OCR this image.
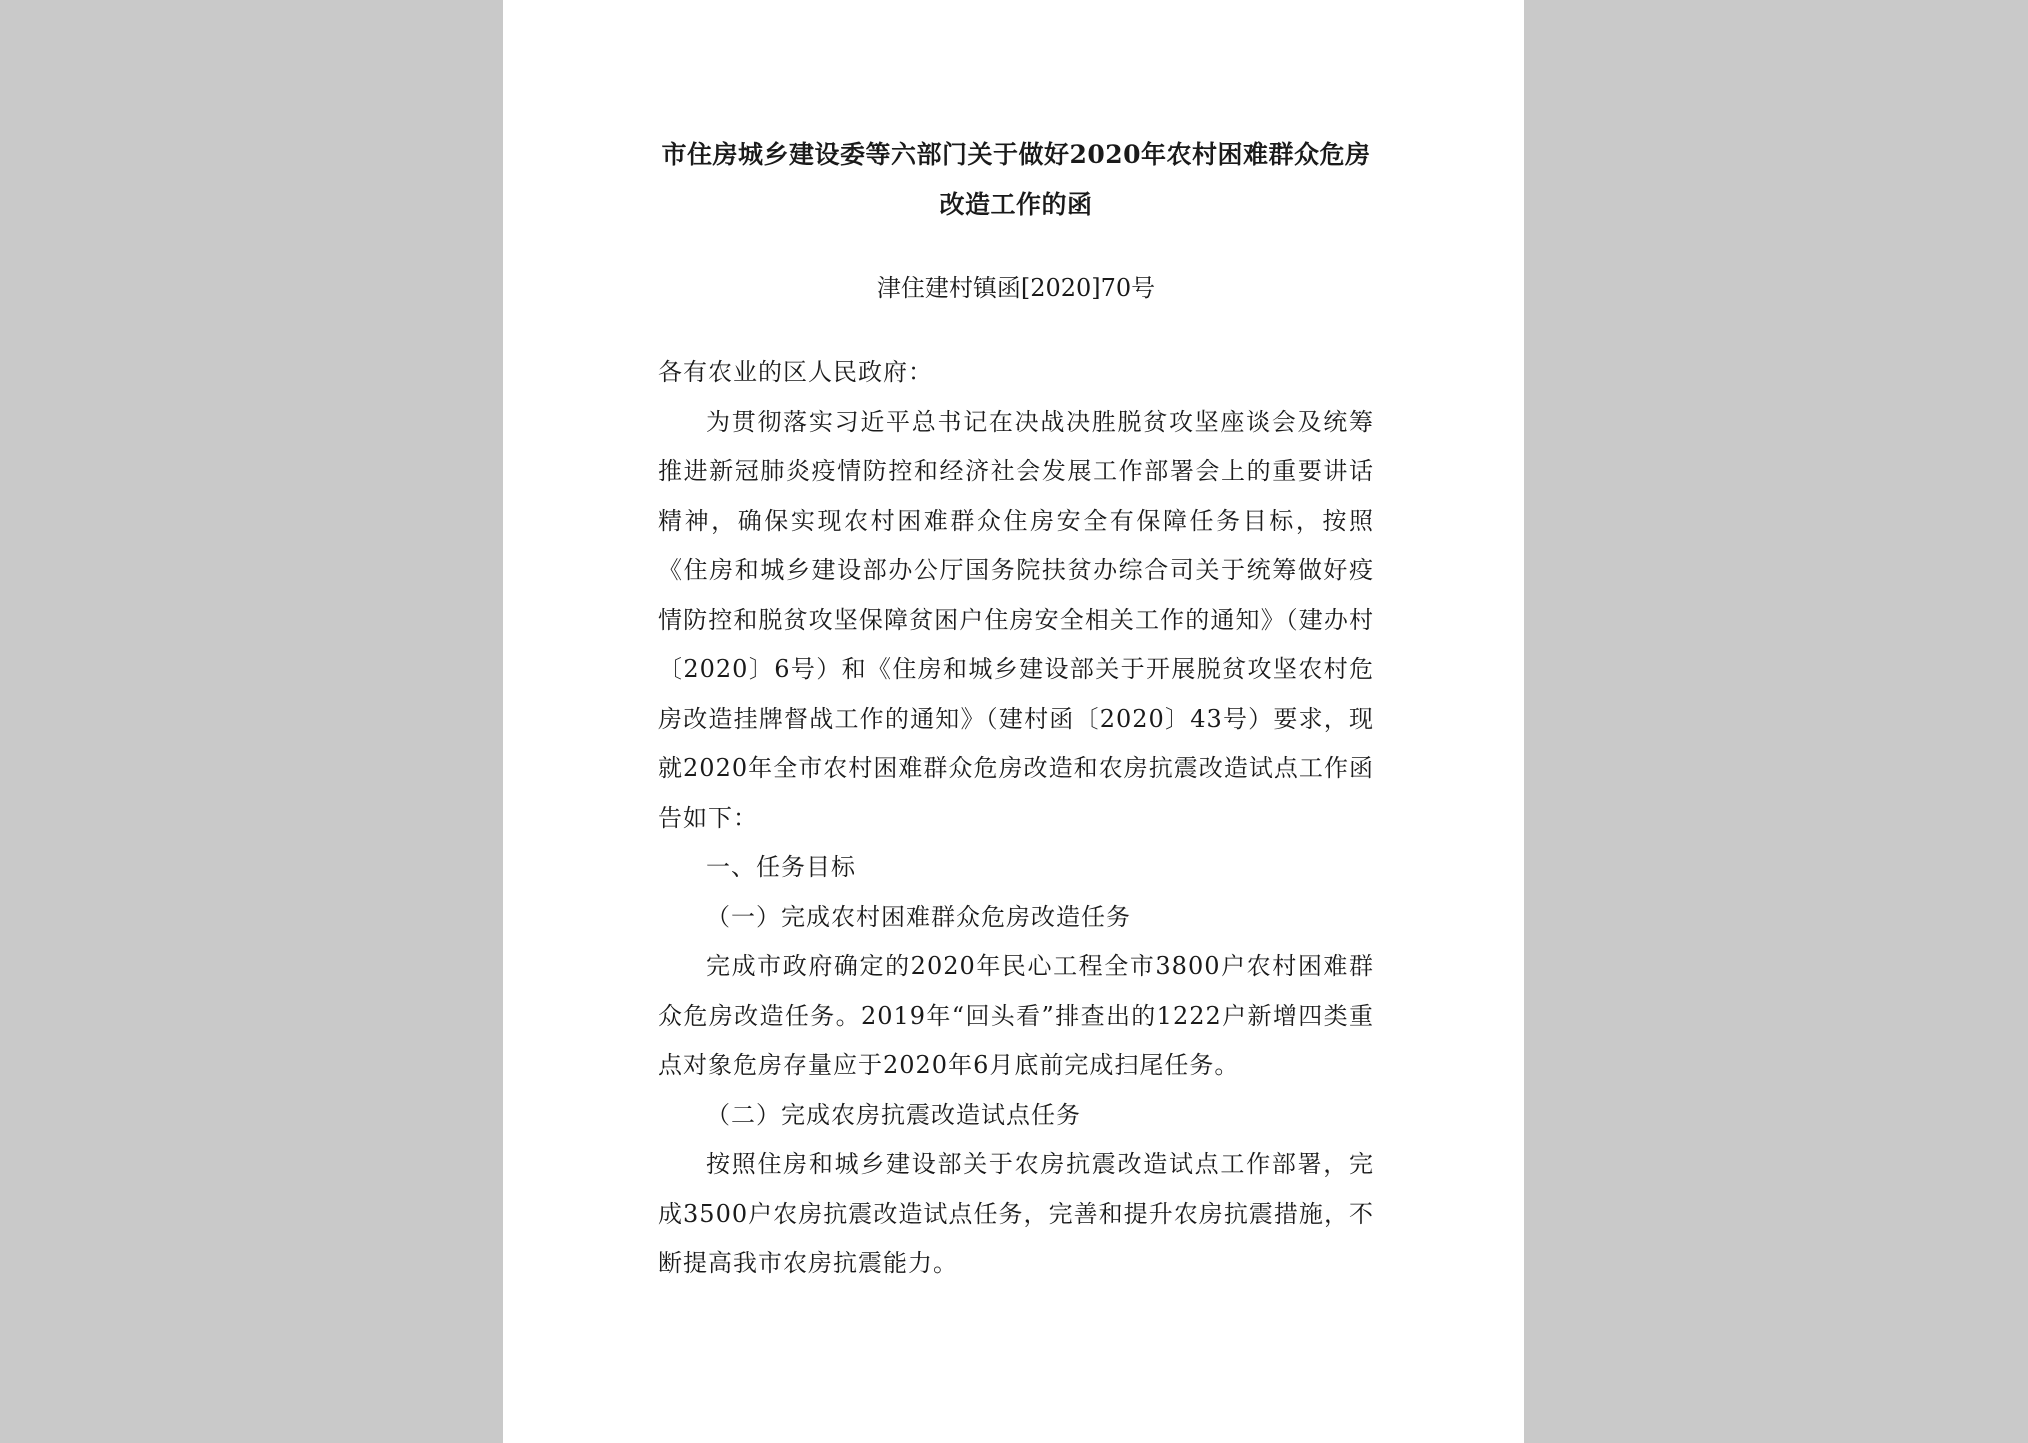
市住房城乡建设委等六部门关于做好2020年农村困难群众危房

改造工作的函

津住建村镇函[2020]70号

各有农业的区人民政府：

为贯彻落实习近平总书记在决战决胜脱贫攻坚座谈会及统筹推进新冠肺炎疫情防控和经济社会发展工作部署会上的重要讲话精神，确保实现农村困难群众住房安全有保障任务目标，按照《住房和城乡建设部办公厅国务院扶贫办综合司关于统筹做好疫情防控和脱贫攻坚保障贫困户住房安全相关工作的通知》（建办村〔2020〕6号）和《住房和城乡建设部关于开展脱贫攻坚农村危房改造挂牌督战工作的通知》（建村函〔2020〕43号）要求，现就2020年全市农村困难群众危房改造和农房抗震改造试点工作函告如下：

一、任务目标

（一）完成农村困难群众危房改造任务

完成市政府确定的2020年民心工程全市3800户农村困难群众危房改造任务。2019年“回头看”排查出的1222户新增四类重点对象危房存量应于2020年6月底前完成扫尾任务。

（二）完成农房抗震改造试点任务

按照住房和城乡建设部关于农房抗震改造试点工作部署，完成3500户农房抗震改造试点任务，完善和提升农房抗震措施，不断提高我市农房抗震能力。
